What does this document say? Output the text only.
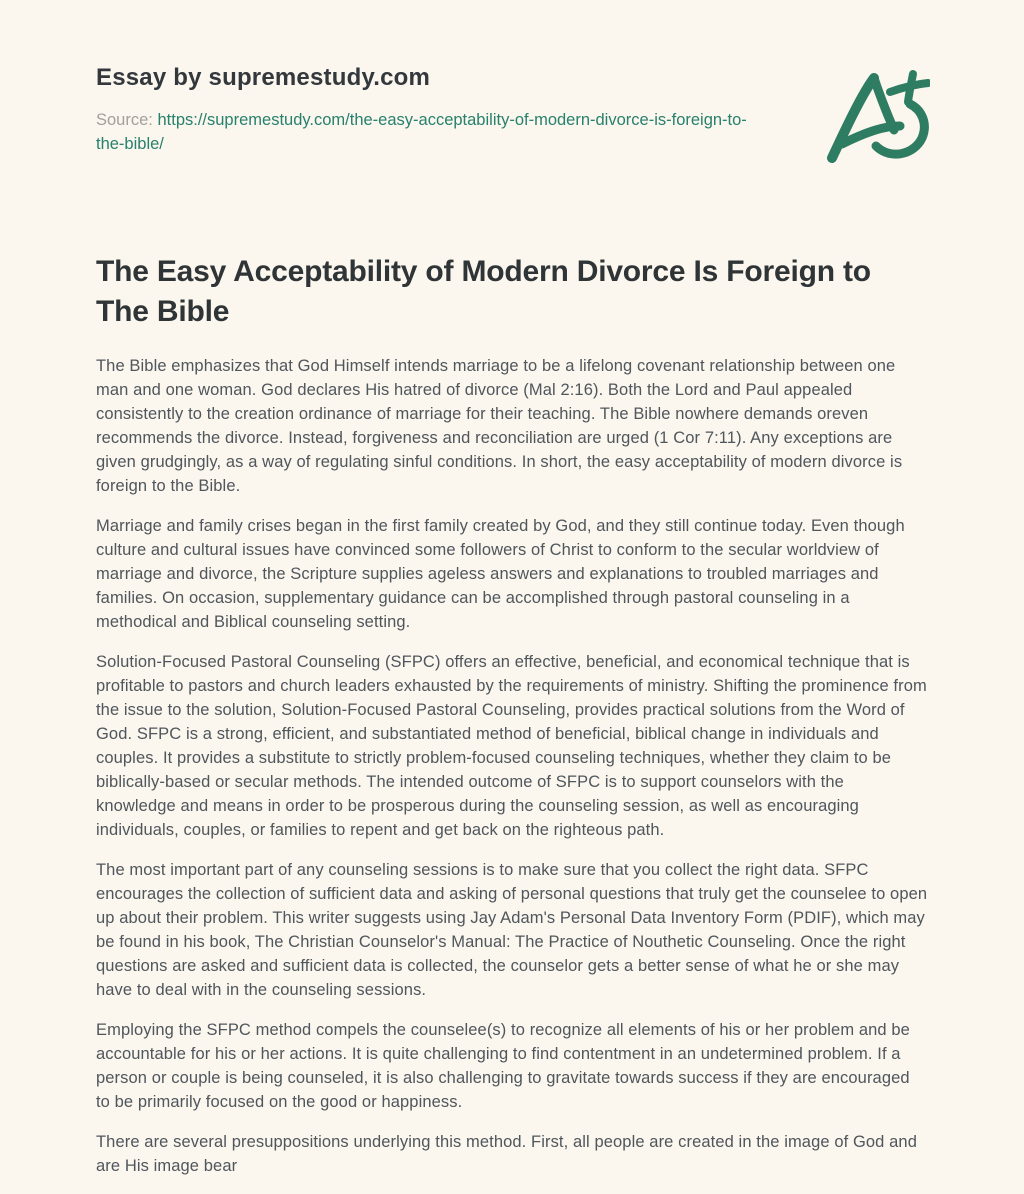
Essay by supremestudy.com
Source: https://supremestudy.com/the-easy-acceptability-of-modern-divorce-is-foreign-to-the-bible/
The Easy Acceptability of Modern Divorce Is Foreign to The Bible

The Bible emphasizes that God Himself intends marriage to be a lifelong covenant relationship between one man and one woman. God declares His hatred of divorce (Mal 2:16). Both the Lord and Paul appealed consistently to the creation ordinance of marriage for their teaching. The Bible nowhere demands oreven recommends the divorce. Instead, forgiveness and reconciliation are urged (1 Cor 7:11). Any exceptions are given grudgingly, as a way of regulating sinful conditions. In short, the easy acceptability of modern divorce is foreign to the Bible.

Marriage and family crises began in the first family created by God, and they still continue today. Even though culture and cultural issues have convinced some followers of Christ to conform to the secular worldview of marriage and divorce, the Scripture supplies ageless answers and explanations to troubled marriages and families. On occasion, supplementary guidance can be accomplished through pastoral counseling in a methodical and Biblical counseling setting.

Solution-Focused Pastoral Counseling (SFPC) offers an effective, beneficial, and economical technique that is profitable to pastors and church leaders exhausted by the requirements of ministry. Shifting the prominence from the issue to the solution, Solution-Focused Pastoral Counseling, provides practical solutions from the Word of God. SFPC is a strong, efficient, and substantiated method of beneficial, biblical change in individuals and couples. It provides a substitute to strictly problem-focused counseling techniques, whether they claim to be biblically-based or secular methods. The intended outcome of SFPC is to support counselors with the knowledge and means in order to be prosperous during the counseling session, as well as encouraging individuals, couples, or families to repent and get back on the righteous path.

The most important part of any counseling sessions is to make sure that you collect the right data. SFPC encourages the collection of sufficient data and asking of personal questions that truly get the counselee to open up about their problem. This writer suggests using Jay Adam's Personal Data Inventory Form (PDIF), which may be found in his book, The Christian Counselor's Manual: The Practice of Nouthetic Counseling. Once the right questions are asked and sufficient data is collected, the counselor gets a better sense of what he or she may have to deal with in the counseling sessions.

Employing the SFPC method compels the counselee(s) to recognize all elements of his or her problem and be accountable for his or her actions. It is quite challenging to find contentment in an undetermined problem. If a person or couple is being counseled, it is also challenging to gravitate towards success if they are encouraged to be primarily focused on the good or happiness.

There are several presuppositions underlying this method. First, all people are created in the image of God and are His image bear
